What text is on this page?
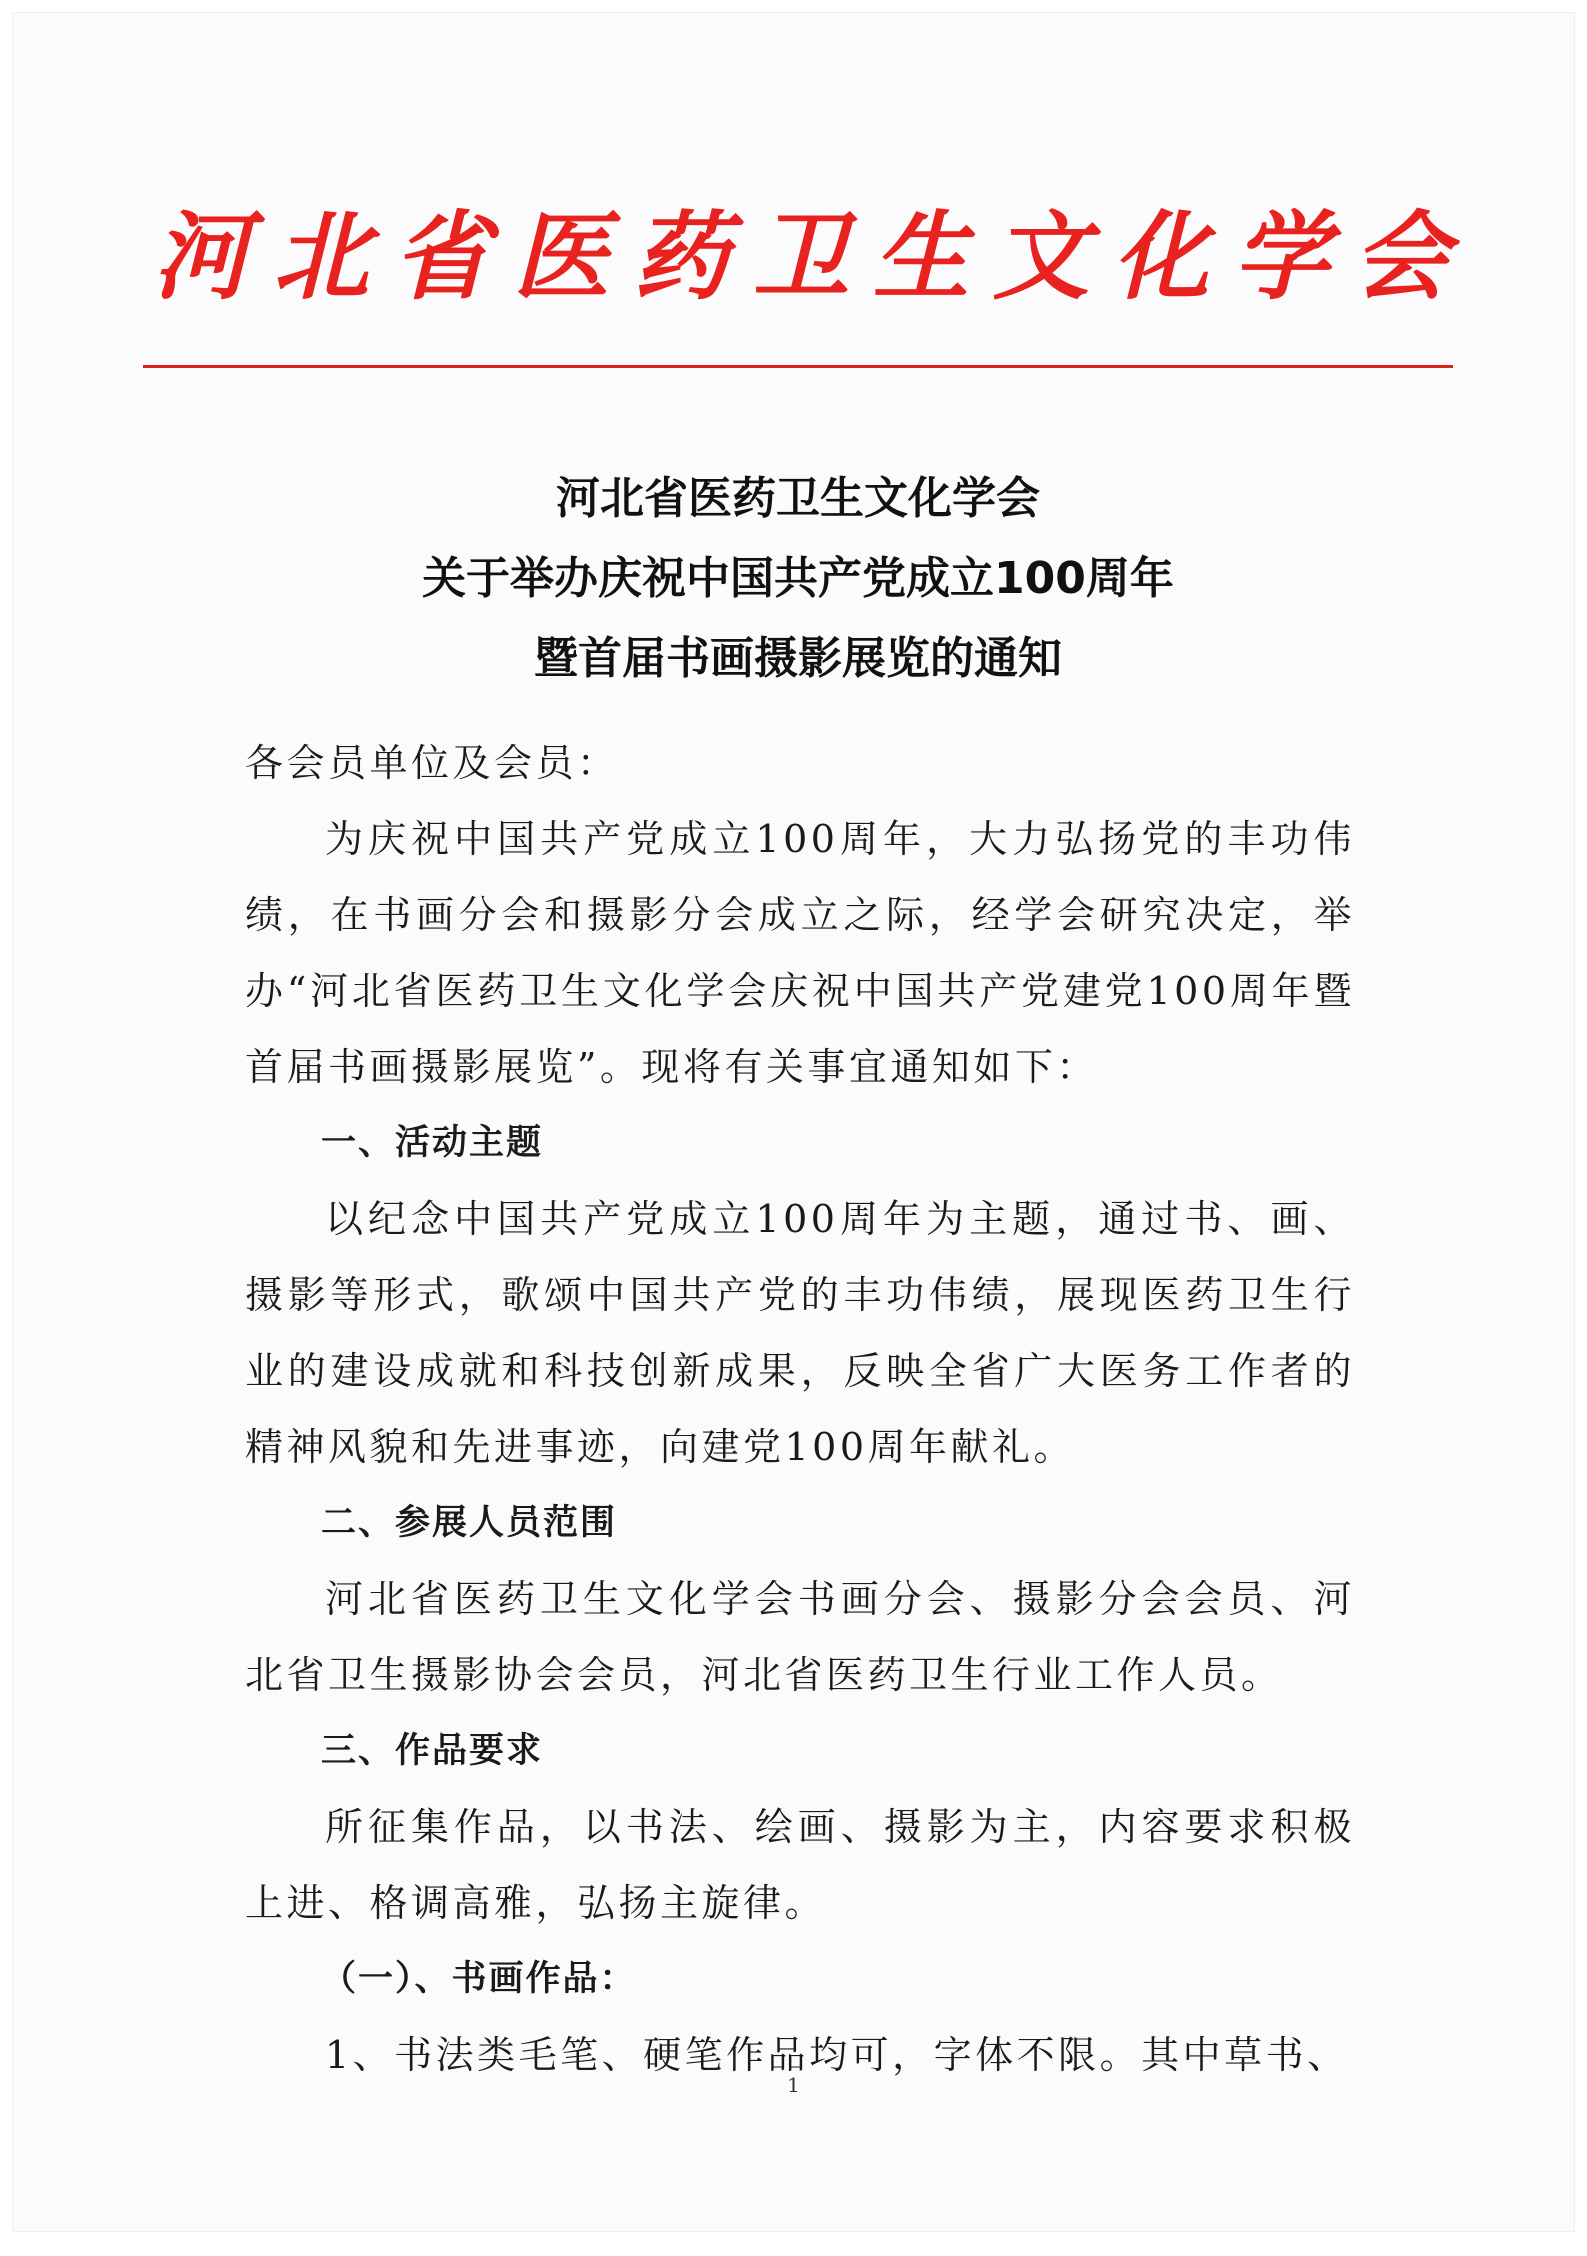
河北省医药卫生文化学会
河北省医药卫生文化学会
关于举办庆祝中国共产党成立100周年
暨首届书画摄影展览的通知

各会员单位及会员：

为庆祝中国共产党成立100周年，大力弘扬党的丰功伟绩，在书画分会和摄影分会成立之际，经学会研究决定，举办“河北省医药卫生文化学会庆祝中国共产党建党100周年暨首届书画摄影展览”。现将有关事宜通知如下：

一、活动主题

以纪念中国共产党成立100周年为主题，通过书、画、摄影等形式，歌颂中国共产党的丰功伟绩，展现医药卫生行业的建设成就和科技创新成果，反映全省广大医务工作者的精神风貌和先进事迹，向建党100周年献礼。

二、参展人员范围

河北省医药卫生文化学会书画分会、摄影分会会员、河北省卫生摄影协会会员，河北省医药卫生行业工作人员。

三、作品要求

所征集作品，以书法、绘画、摄影为主，内容要求积极上进、格调高雅，弘扬主旋律。

（一）、书画作品：

1、书法类毛笔、硬笔作品均可，字体不限。其中草书、

1
